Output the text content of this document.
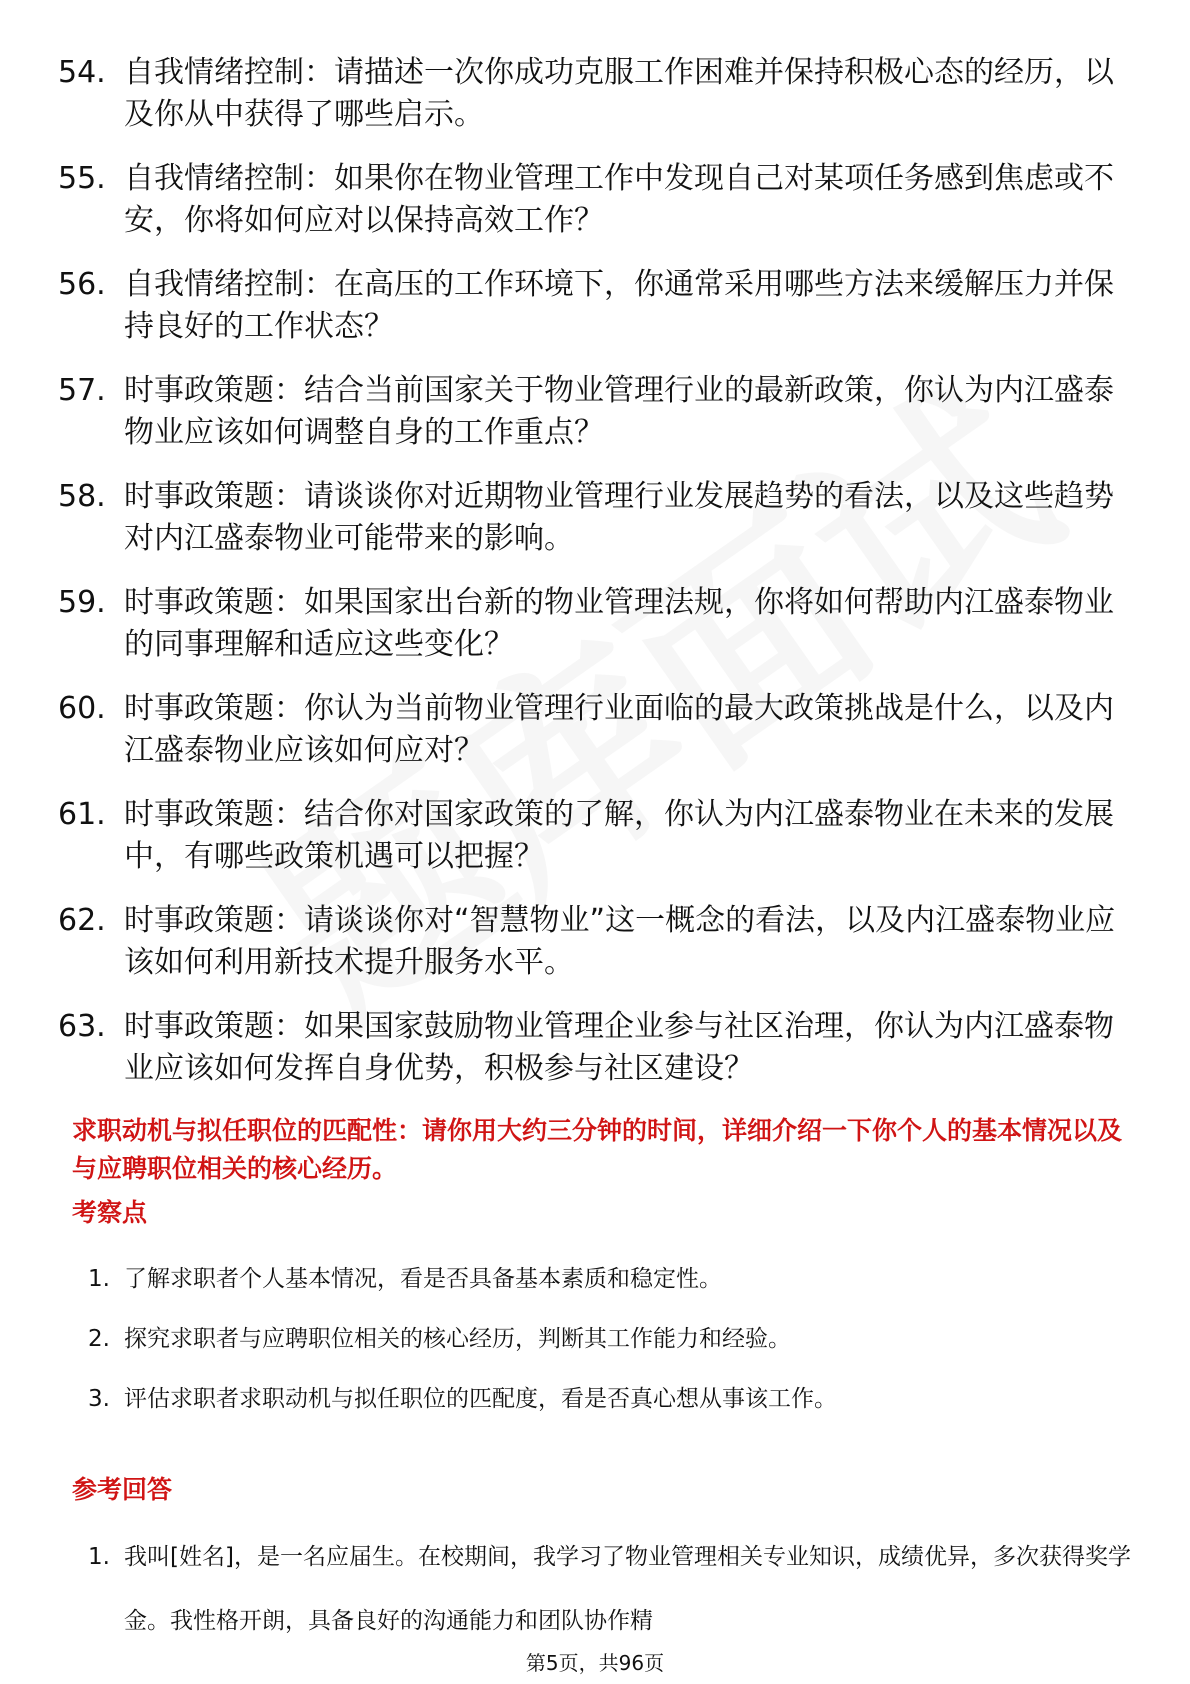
54. 自我情绪控制：请描述一次你成功克服工作困难并保持积极心态的经历，以及你从中获得了哪些启示。
55. 自我情绪控制：如果你在物业管理工作中发现自己对某项任务感到焦虑或不安，你将如何应对以保持高效工作？
56. 自我情绪控制：在高压的工作环境下，你通常采用哪些方法来缓解压力并保持良好的工作状态？
57. 时事政策题：结合当前国家关于物业管理行业的最新政策，你认为内江盛泰物业应该如何调整自身的工作重点？
58. 时事政策题：请谈谈你对近期物业管理行业发展趋势的看法，以及这些趋势对内江盛泰物业可能带来的影响。
59. 时事政策题：如果国家出台新的物业管理法规，你将如何帮助内江盛泰物业的同事理解和适应这些变化？
60. 时事政策题：你认为当前物业管理行业面临的最大政策挑战是什么，以及内江盛泰物业应该如何应对？
61. 时事政策题：结合你对国家政策的了解，你认为内江盛泰物业在未来的发展中，有哪些政策机遇可以把握？
62. 时事政策题：请谈谈你对“智慧物业”这一概念的看法，以及内江盛泰物业应该如何利用新技术提升服务水平。
63. 时事政策题：如果国家鼓励物业管理企业参与社区治理，你认为内江盛泰物业应该如何发挥自身优势，积极参与社区建设？
求职动机与拟任职位的匹配性：请你用大约三分钟的时间，详细介绍一下你个人的基本情况以及与应聘职位相关的核心经历。
考察点
1. 了解求职者个人基本情况，看是否具备基本素质和稳定性。
2. 探究求职者与应聘职位相关的核心经历，判断其工作能力和经验。
3. 评估求职者求职动机与拟任职位的匹配度，看是否真心想从事该工作。
参考回答
1. 我叫[姓名]，是一名应届生。在校期间，我学习了物业管理相关专业知识，成绩优异，多次获得奖学金。我性格开朗，具备良好的沟通能力和团队协作精
第5页，共96页
